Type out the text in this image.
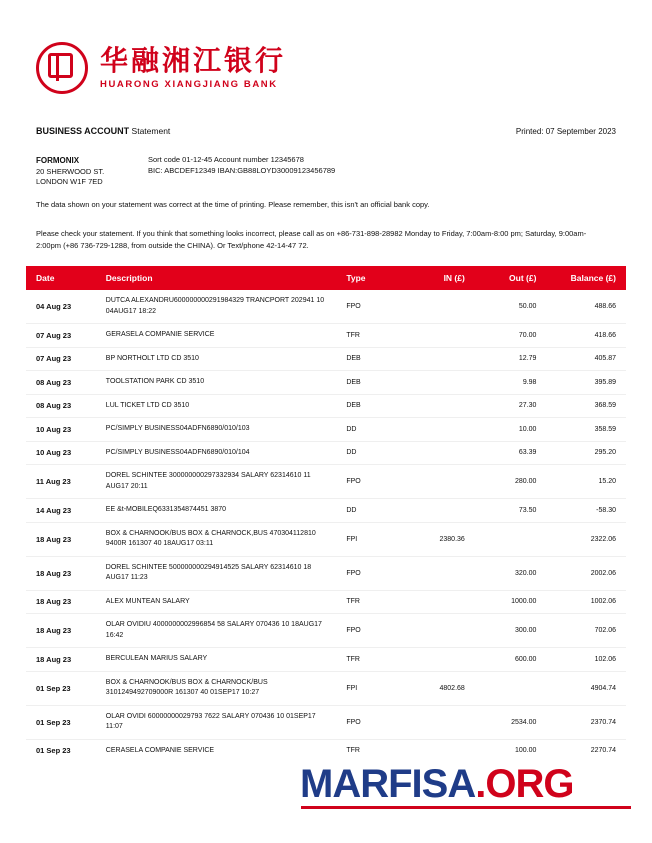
华融湘江银行
HUARONG XIANGJIANG BANK
BUSINESS ACCOUNT Statement	Printed: 07 September 2023
FORMONIX
20 SHERWOOD ST.
LONDON W1F 7ED
Sort code 01-12-45 Account number 12345678
BIC: ABCDEF12349 IBAN:GB88LOYD30009123456789
The data shown on your statement was correct at the time of printing. Please remember, this isn't an official bank copy.
Please check your statement. If you think that something looks incorrect, please call as on +86-731-898-28982 Monday to Friday, 7:00am-8:00 pm; Saturday, 9:00am-2:00pm (+86 736-729-1288, from outside the CHINA). Or Text/phone 42-14-47 72.
Date	Description	Type	IN (£)	Out (£)	Balance (£)
04 Aug 23	DUTCA ALEXANDRU600000000291984329 TRANCPORT 202941 10 04AUG17 18:22	FPO		50.00	488.66
07 Aug 23	GERASELA COMPANIE SERVICE	TFR		70.00	418.66
07 Aug 23	BP NORTHOLT LTD CD 3510	DEB		12.79	405.87
08 Aug 23	TOOLSTATION PARK CD 3510	DEB		9.98	395.89
08 Aug 23	LUL TICKET LTD CD 3510	DEB		27.30	368.59
10 Aug 23	PC/SIMPLY BUSINESS04ADFN6890/010/103	DD		10.00	358.59
10 Aug 23	PC/SIMPLY BUSINESS04ADFN6890/010/104	DD		63.39	295.20
11 Aug 23	DOREL SCHINTEE 300000000297332934 SALARY 62314610 11 AUG17 20:11	FPO		280.00	15.20
14 Aug 23	EE &t-MOBILEQ6331354874451 3870	DD		73.50	-58.30
18 Aug 23	BOX & CHARNOOK/BUS BOX & CHARNOCK,BUS 470304112810 9400R 161307 40 18AUG17 03:11	FPI	2380.36		2322.06
18 Aug 23	DOREL SCHINTEE 500000000294914525 SALARY 62314610 18 AUG17 11:23	FPO		320.00	2002.06
18 Aug 23	ALEX MUNTEAN SALARY	TFR		1000.00	1002.06
18 Aug 23	OLAR OVIDIU 4000000002996854 58 SALARY 070436 10 18AUG17 16:42	FPO		300.00	702.06
18 Aug 23	BERCULEAN MARIUS SALARY	TFR		600.00	102.06
01 Sep 23	BOX & CHARNOOK/BUS BOX & CHARNOCK/BUS 3101249492709000R 161307 40 01SEP17 10:27	FPI	4802.68		4904.74
01 Sep 23	OLAR OVIDI 60000000029793 7622 SALARY 070436 10 01SEP17 11:07	FPO		2534.00	2370.74
01 Sep 23	CERASELA COMPANIE SERVICE	TFR		100.00	2270.74
MARFISA.ORG
